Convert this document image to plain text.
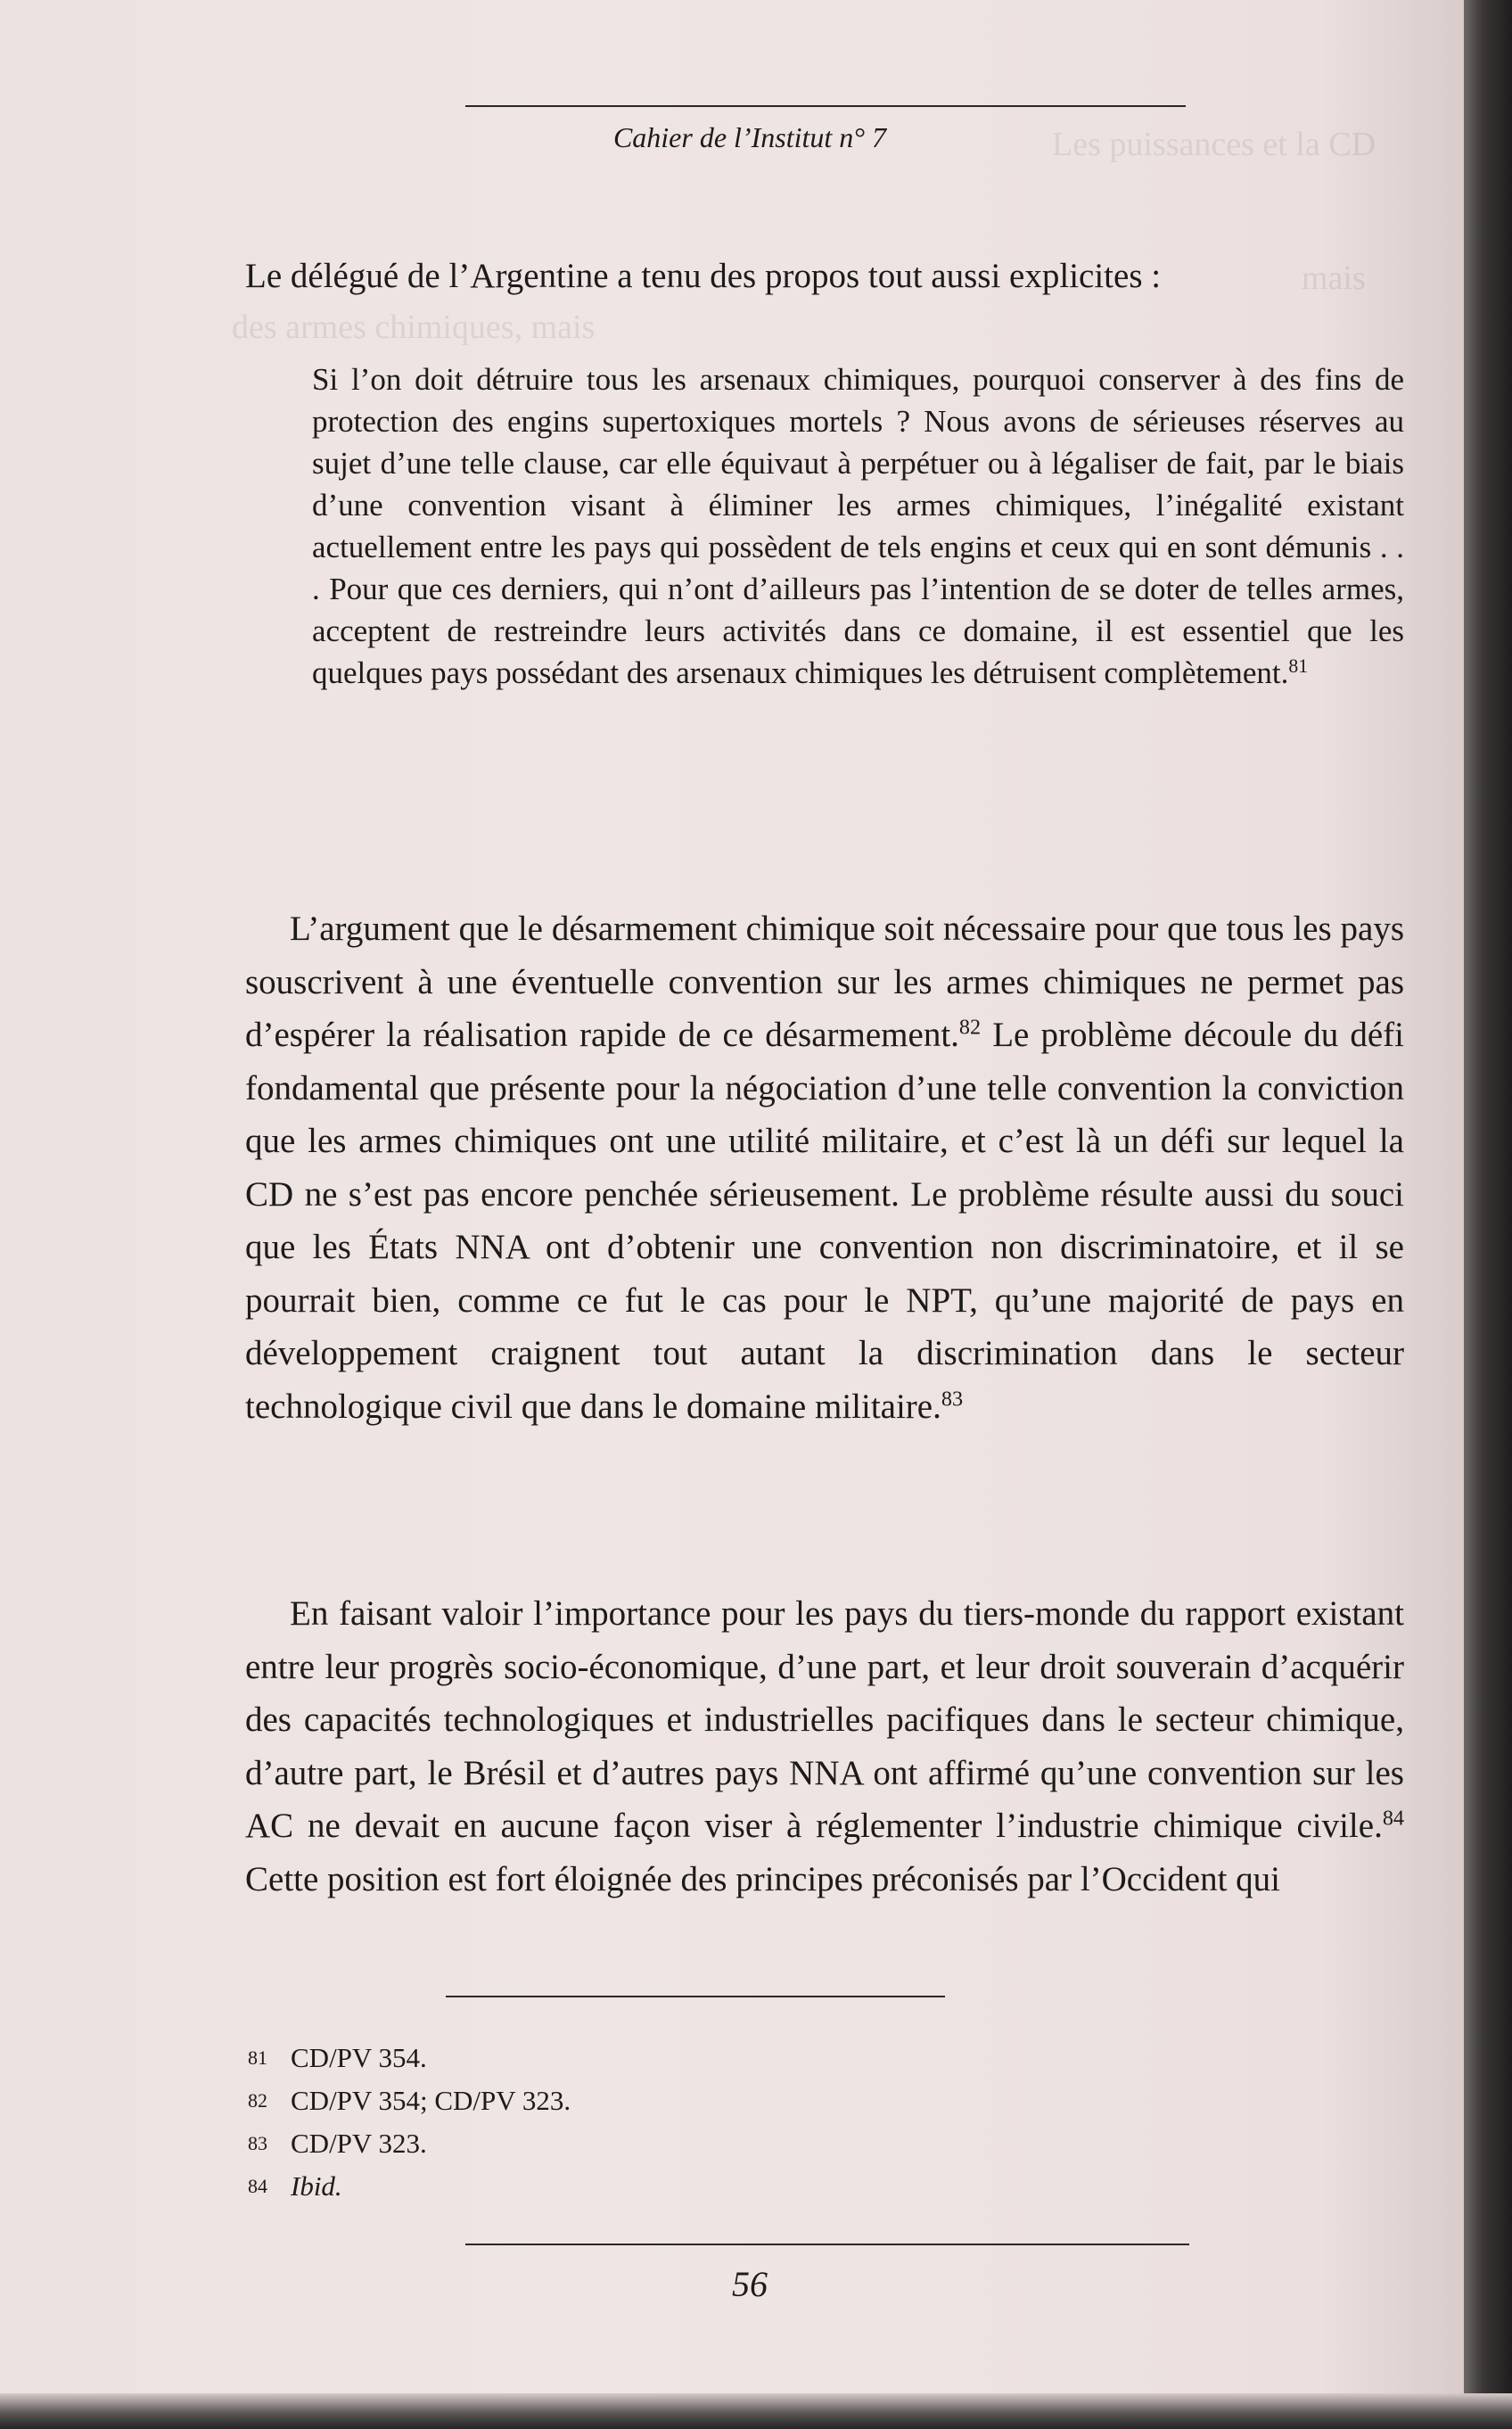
Les puissances et la CD
mais
des armes chimiques, mais
Cahier de l’Institut n° 7

Le délégué de l’Argentine a tenu des propos tout aussi explicites :

Si l’on doit détruire tous les arsenaux chimiques, pourquoi conserver à des fins de protection des engins supertoxiques mortels ? Nous avons de sérieuses réserves au sujet d’une telle clause, car elle équivaut à perpétuer ou à légaliser de fait, par le biais d’une convention visant à éliminer les armes chimiques, l’inégalité existant actuellement entre les pays qui possèdent de tels engins et ceux qui en sont démunis . . . Pour que ces derniers, qui n’ont d’ailleurs pas l’intention de se doter de telles armes, acceptent de restreindre leurs activités dans ce domaine, il est essentiel que les quelques pays possédant des arsenaux chimiques les détruisent complètement.$^{81}$

L’argument que le désarmement chimique soit nécessaire pour que tous les pays souscrivent à une éventuelle convention sur les armes chimiques ne permet pas d’espérer la réalisation rapide de ce désarmement.$^{82}$ Le problème découle du défi fondamental que présente pour la négociation d’une telle convention la conviction que les armes chimiques ont une utilité militaire, et c’est là un défi sur lequel la CD ne s’est pas encore penchée sérieusement. Le problème résulte aussi du souci que les États NNA ont d’obtenir une convention non discriminatoire, et il se pourrait bien, comme ce fut le cas pour le NPT, qu’une majorité de pays en développement craignent tout autant la discrimination dans le secteur technologique civil que dans le domaine militaire.$^{83}$

En faisant valoir l’importance pour les pays du tiers-monde du rapport existant entre leur progrès socio-économique, d’une part, et leur droit souverain d’acquérir des capacités technologiques et industrielles pacifiques dans le secteur chimique, d’autre part, le Brésil et d’autres pays NNA ont affirmé qu’une convention sur les AC ne devait en aucune façon viser à réglementer l’industrie chimique civile.$^{84}$ Cette position est fort éloignée des principes préconisés par l’Occident qui

81 CD/PV 354.
82 CD/PV 354; CD/PV 323.
83 CD/PV 323.
84 Ibid.
56
